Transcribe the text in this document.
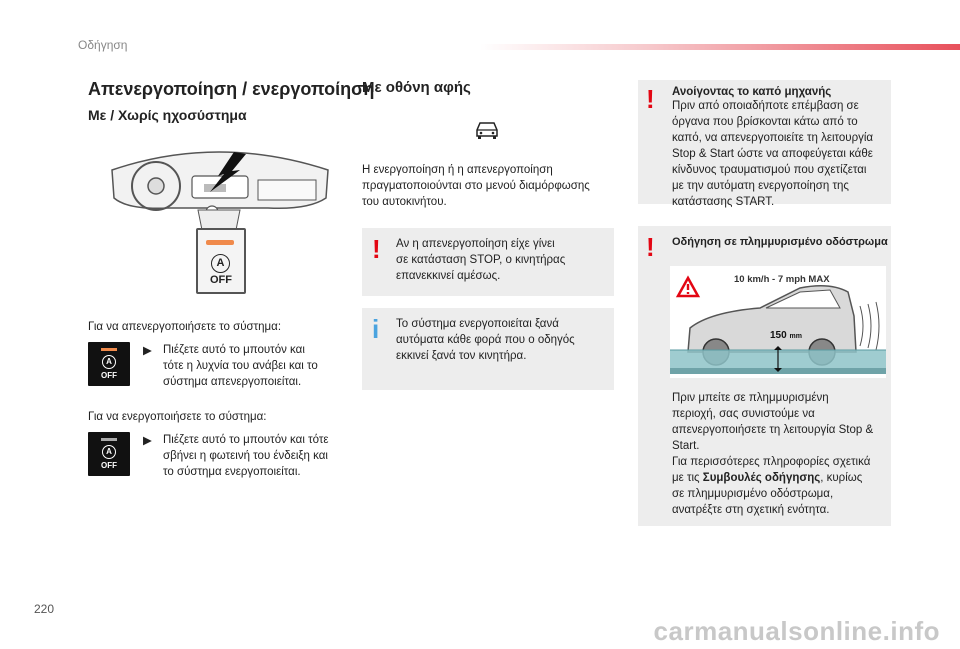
Οδήγηση
Απενεργοποίηση / ενεργοποίηση
Με / Χωρίς ηχοσύστημα
A
OFF
Για να απενεργοποιήσετε το σύστημα:
A
OFF
▶ Πιέζετε αυτό το μπουτόν και
τότε η λυχνία του ανάβει και το
σύστημα απενεργοποιείται.
Για να ενεργοποιήσετε το σύστημα:
A
OFF
▶ Πιέζετε αυτό το μπουτόν και τότε
σβήνει η φωτεινή του ένδειξη και
το σύστημα ενεργοποιείται.
Με οθόνη αφής
Η ενεργοποίηση ή η απενεργοποίηση
πραγματοποιούνται στο μενού διαμόρφωσης
του αυτοκινήτου.
! Αν η απενεργοποίηση είχε γίνει
σε κατάσταση STOP, ο κινητήρας
επανεκκινεί αμέσως.
i Το σύστημα ενεργοποιείται ξανά
αυτόματα κάθε φορά που ο οδηγός
εκκινεί ξανά τον κινητήρα.
! Ανοίγοντας το καπό μηχανής
Πριν από οποιαδήποτε επέμβαση σε
όργανα που βρίσκονται κάτω από το
καπό, να απενεργοποιείτε τη λειτουργία
Stop & Start ώστε να αποφεύγεται κάθε
κίνδυνος τραυματισμού που σχετίζεται
με την αυτόματη ενεργοποίηση της
κατάστασης START.
! Οδήγηση σε πλημμυρισμένο οδόστρωμα
10 km/h - 7 mph MAX
150 mm
Πριν μπείτε σε πλημμυρισμένη
περιοχή, σας συνιστούμε να
απενεργοποιήσετε τη λειτουργία Stop &
Start.
Για περισσότερες πληροφορίες σχετικά
με τις Συμβουλές οδήγησης, κυρίως
σε πλημμυρισμένο οδόστρωμα,
ανατρέξτε στη σχετική ενότητα.
220
carmanualsonline.info
